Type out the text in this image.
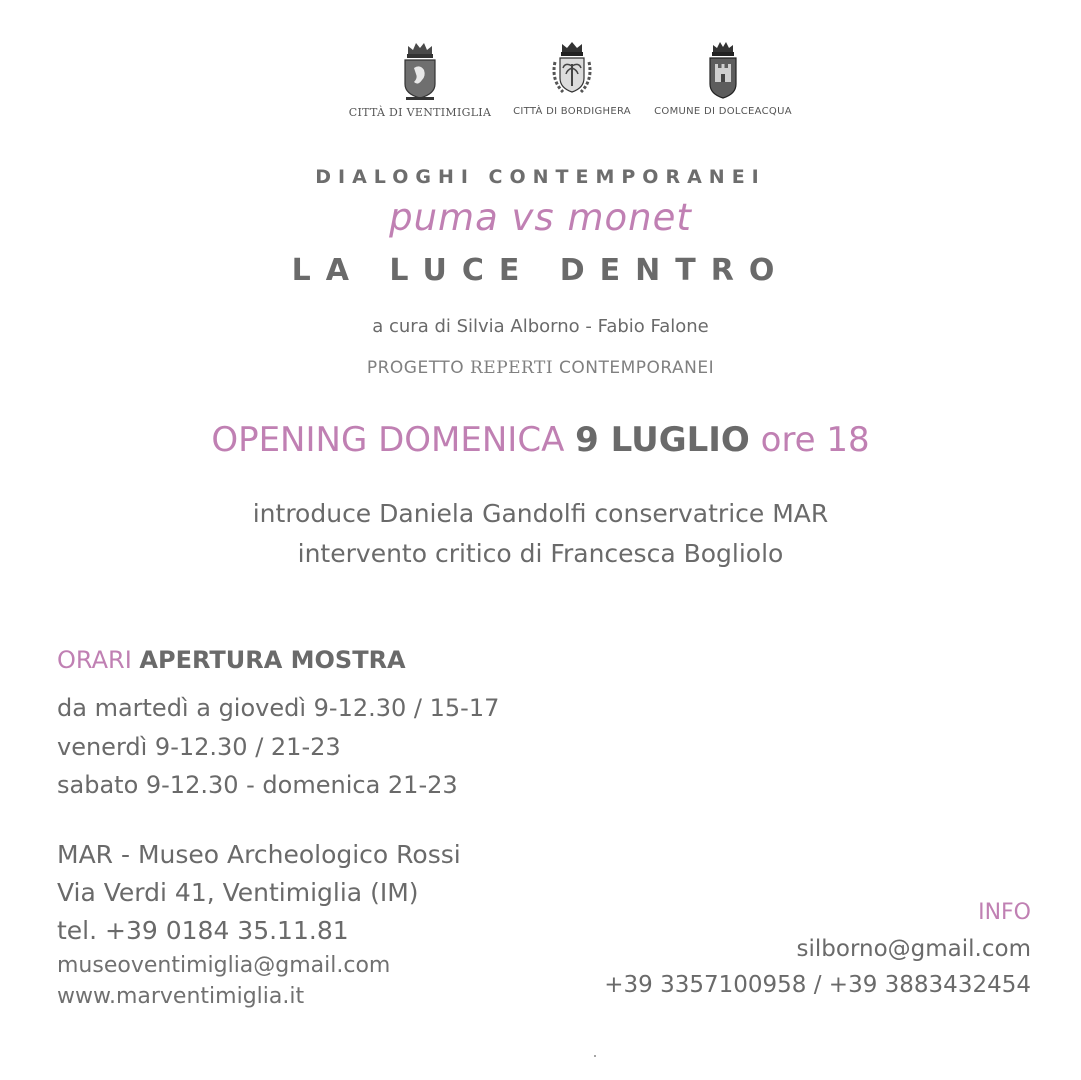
CITTÀ DI VENTIMIGLIA	CITTÀ DI BORDIGHERA	COMUNE DI DOLCEACQUA
DIALOGHI CONTEMPORANEI
puma vs monet
LA LUCE DENTRO
a cura di Silvia Alborno - Fabio Falone
PROGETTO REPERTI CONTEMPORANEI
OPENING DOMENICA 9 LUGLIO ore 18
introduce Daniela Gandolfi conservatrice MAR
intervento critico di Francesca Bogliolo
ORARI APERTURA MOSTRA
da martedì a giovedì 9-12.30 / 15-17
venerdì 9-12.30 / 21-23
sabato 9-12.30 - domenica 21-23
MAR - Museo Archeologico Rossi
Via Verdi 41, Ventimiglia (IM)
tel. +39 0184 35.11.81
museoventimiglia@gmail.com
www.marventimiglia.it
INFO
silborno@gmail.com
+39 3357100958 / +39 3883432454
